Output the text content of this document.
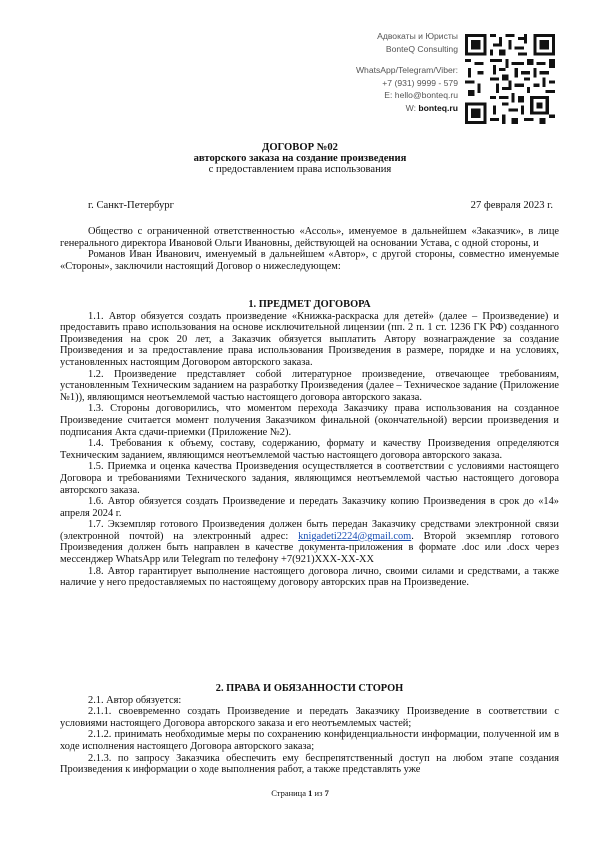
Адвокаты и Юристы
BonteQ Consulting
WhatsApp/Telegram/Viber:
+7 (931) 9999 - 579
E: hello@bonteq.ru
W: bonteq.ru
ДОГОВОР №02
авторского заказа на создание произведения
с предоставлением права использования
г. Санкт-Петербург	27 февраля 2023 г.

Общество с ограниченной ответственностью «Ассоль», именуемое в дальнейшем «Заказчик», в лице генерального директора Ивановой Ольги Ивановны, действующей на основании Устава, с одной стороны, и

Романов Иван Иванович, именуемый в дальнейшем «Автор», с другой стороны, совместно именуемые «Стороны», заключили настоящий Договор о нижеследующем:

1. ПРЕДМЕТ ДОГОВОРА

1.1. Автор обязуется создать произведение «Книжка-раскраска для детей» (далее – Произведение) и предоставить право использования на основе исключительной лицензии (пп. 2 п. 1 ст. 1236 ГК РФ) созданного Произведения на срок 20 лет, а Заказчик обязуется выплатить Автору вознаграждение за создание Произведения и за предоставление права использования Произведения в размере, порядке и на условиях, установленных настоящим Договором авторского заказа.

1.2. Произведение представляет собой литературное произведение, отвечающее требованиям, установленным Техническим заданием на разработку Произведения (далее – Техническое задание (Приложение №1)), являющимся неотъемлемой частью настоящего договора авторского заказа.

1.3. Стороны договорились, что моментом перехода Заказчику права использования на созданное Произведение считается момент получения Заказчиком финальной (окончательной) версии произведения и подписания Акта сдачи-приемки (Приложение №2).

1.4. Требования к объему, составу, содержанию, формату и качеству Произведения определяются Техническим заданием, являющимся неотъемлемой частью настоящего договора авторского заказа.

1.5. Приемка и оценка качества Произведения осуществляется в соответствии с условиями настоящего Договора и требованиями Технического задания, являющимся неотъемлемой частью настоящего договора авторского заказа.

1.6. Автор обязуется создать Произведение и передать Заказчику копию Произведения в срок до «14» апреля 2024 г.

1.7. Экземпляр готового Произведения должен быть передан Заказчику средствами электронной связи (электронной почтой) на электронный адрес: knigadeti2224@gmail.com. Второй экземпляр готового Произведения должен быть направлен в качестве документа-приложения в формате .doc или .docx через мессенджер WhatsApp или Telegram по телефону +7(921)XXX-XX-XX

1.8. Автор гарантирует выполнение настоящего договора лично, своими силами и средствами, а также наличие у него предоставляемых по настоящему договору авторских прав на Произведение.

2. ПРАВА И ОБЯЗАННОСТИ СТОРОН

2.1. Автор обязуется:

2.1.1. своевременно создать Произведение и передать Заказчику Произведение в соответствии с условиями настоящего Договора авторского заказа и его неотъемлемых частей;

2.1.2. принимать необходимые меры по сохранению конфиденциальности информации, полученной им в ходе исполнения настоящего Договора авторского заказа;

2.1.3. по запросу Заказчика обеспечить ему беспрепятственный доступ на любом этапе создания Произведения к информации о ходе выполнения работ, а также представлять уже

Страница 1 из 7
